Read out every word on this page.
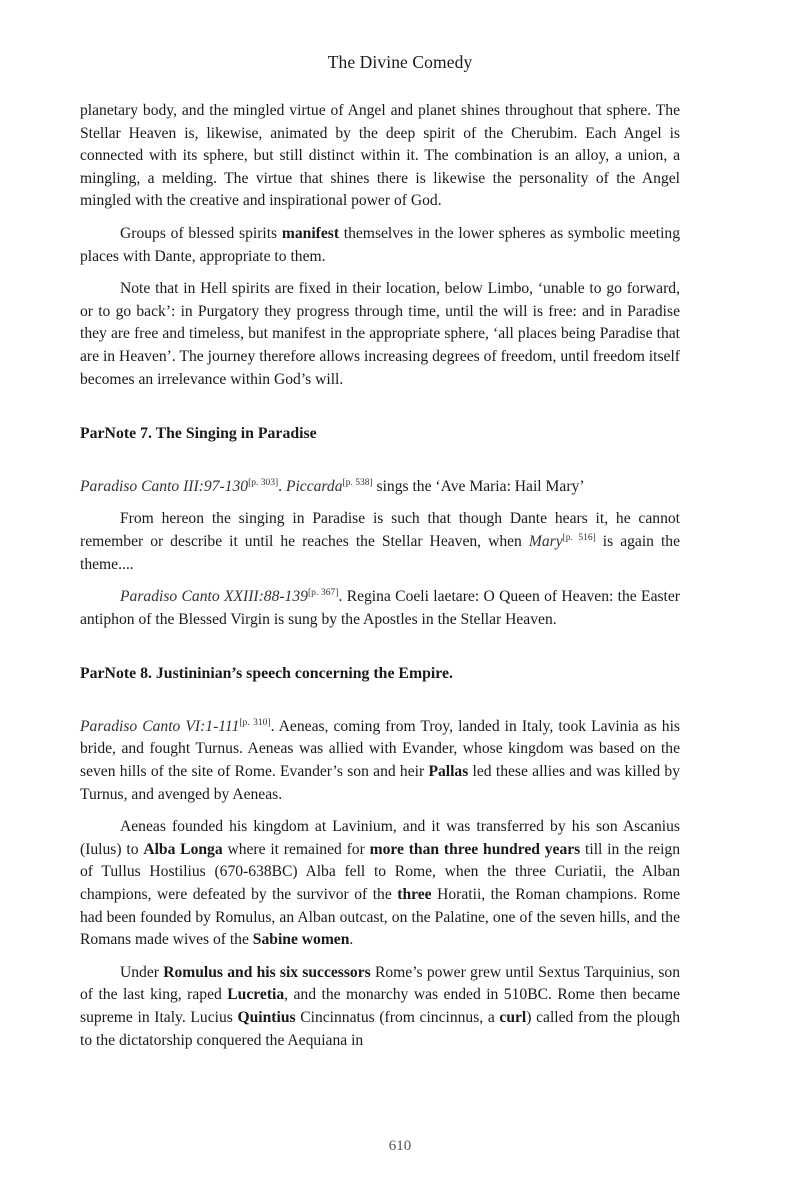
The Divine Comedy

planetary body, and the mingled virtue of Angel and planet shines throughout that sphere. The Stellar Heaven is, likewise, animated by the deep spirit of the Cherubim. Each Angel is connected with its sphere, but still distinct within it. The combination is an alloy, a union, a mingling, a melding. The virtue that shines there is likewise the personality of the Angel mingled with the creative and inspirational power of God.

Groups of blessed spirits manifest themselves in the lower spheres as symbolic meeting places with Dante, appropriate to them.

Note that in Hell spirits are fixed in their location, below Limbo, ‘unable to go forward, or to go back’: in Purgatory they progress through time, until the will is free: and in Paradise they are free and timeless, but manifest in the appropriate sphere, ‘all places being Paradise that are in Heaven’. The journey therefore allows increasing degrees of freedom, until freedom itself becomes an irrelevance within God’s will.

ParNote 7. The Singing in Paradise

Paradiso Canto III:97-130[p. 303]. Piccarda[p. 538] sings the ‘Ave Maria: Hail Mary’

From hereon the singing in Paradise is such that though Dante hears it, he cannot remember or describe it until he reaches the Stellar Heaven, when Mary[p. 516] is again the theme....

Paradiso Canto XXIII:88-139[p. 367]. Regina Coeli laetare: O Queen of Heaven: the Easter antiphon of the Blessed Virgin is sung by the Apostles in the Stellar Heaven.

ParNote 8. Justininian’s speech concerning the Empire.

Paradiso Canto VI:1-111[p. 310]. Aeneas, coming from Troy, landed in Italy, took Lavinia as his bride, and fought Turnus. Aeneas was allied with Evander, whose kingdom was based on the seven hills of the site of Rome. Evander’s son and heir Pallas led these allies and was killed by Turnus, and avenged by Aeneas.

Aeneas founded his kingdom at Lavinium, and it was transferred by his son Ascanius (Iulus) to Alba Longa where it remained for more than three hundred years till in the reign of Tullus Hostilius (670-638BC) Alba fell to Rome, when the three Curiatii, the Alban champions, were defeated by the survivor of the three Horatii, the Roman champions. Rome had been founded by Romulus, an Alban outcast, on the Palatine, one of the seven hills, and the Romans made wives of the Sabine women.

Under Romulus and his six successors Rome’s power grew until Sextus Tarquinius, son of the last king, raped Lucretia, and the monarchy was ended in 510BC. Rome then became supreme in Italy. Lucius Quintius Cincinnatus (from cincinnus, a curl) called from the plough to the dictatorship conquered the Aequiana in

610
